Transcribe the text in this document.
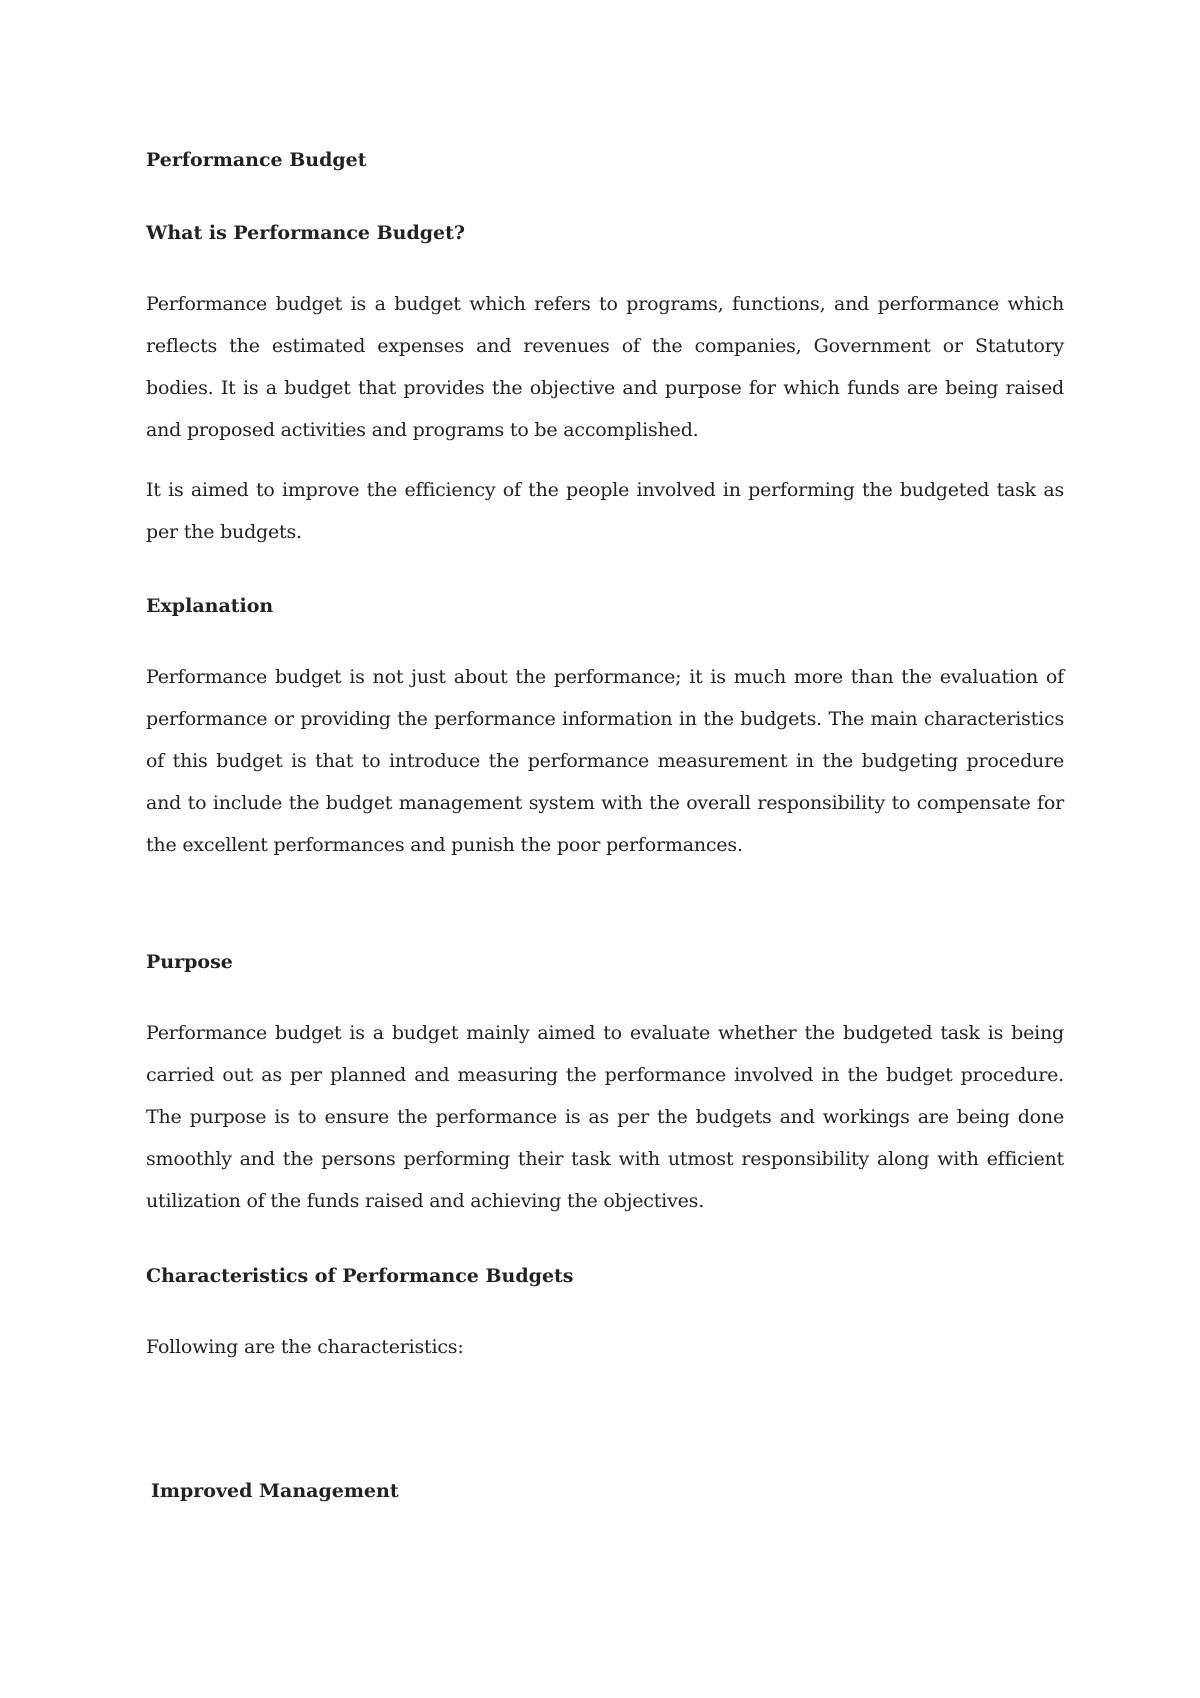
Performance Budget
What is Performance Budget?

Performance budget is a budget which refers to programs, functions, and performance which reflects the estimated expenses and revenues of the companies, Government or Statutory bodies. It is a budget that provides the objective and purpose for which funds are being raised and proposed activities and programs to be accomplished.

It is aimed to improve the efficiency of the people involved in performing the budgeted task as per the budgets.

Explanation

Performance budget is not just about the performance; it is much more than the evaluation of performance or providing the performance information in the budgets. The main characteristics of this budget is that to introduce the performance measurement in the budgeting procedure and to include the budget management system with the overall responsibility to compensate for the excellent performances and punish the poor performances.

Purpose

Performance budget is a budget mainly aimed to evaluate whether the budgeted task is being carried out as per planned and measuring the performance involved in the budget procedure. The purpose is to ensure the performance is as per the budgets and workings are being done smoothly and the persons performing their task with utmost responsibility along with efficient utilization of the funds raised and achieving the objectives.

Characteristics of Performance Budgets

Following are the characteristics:

Improved Management
